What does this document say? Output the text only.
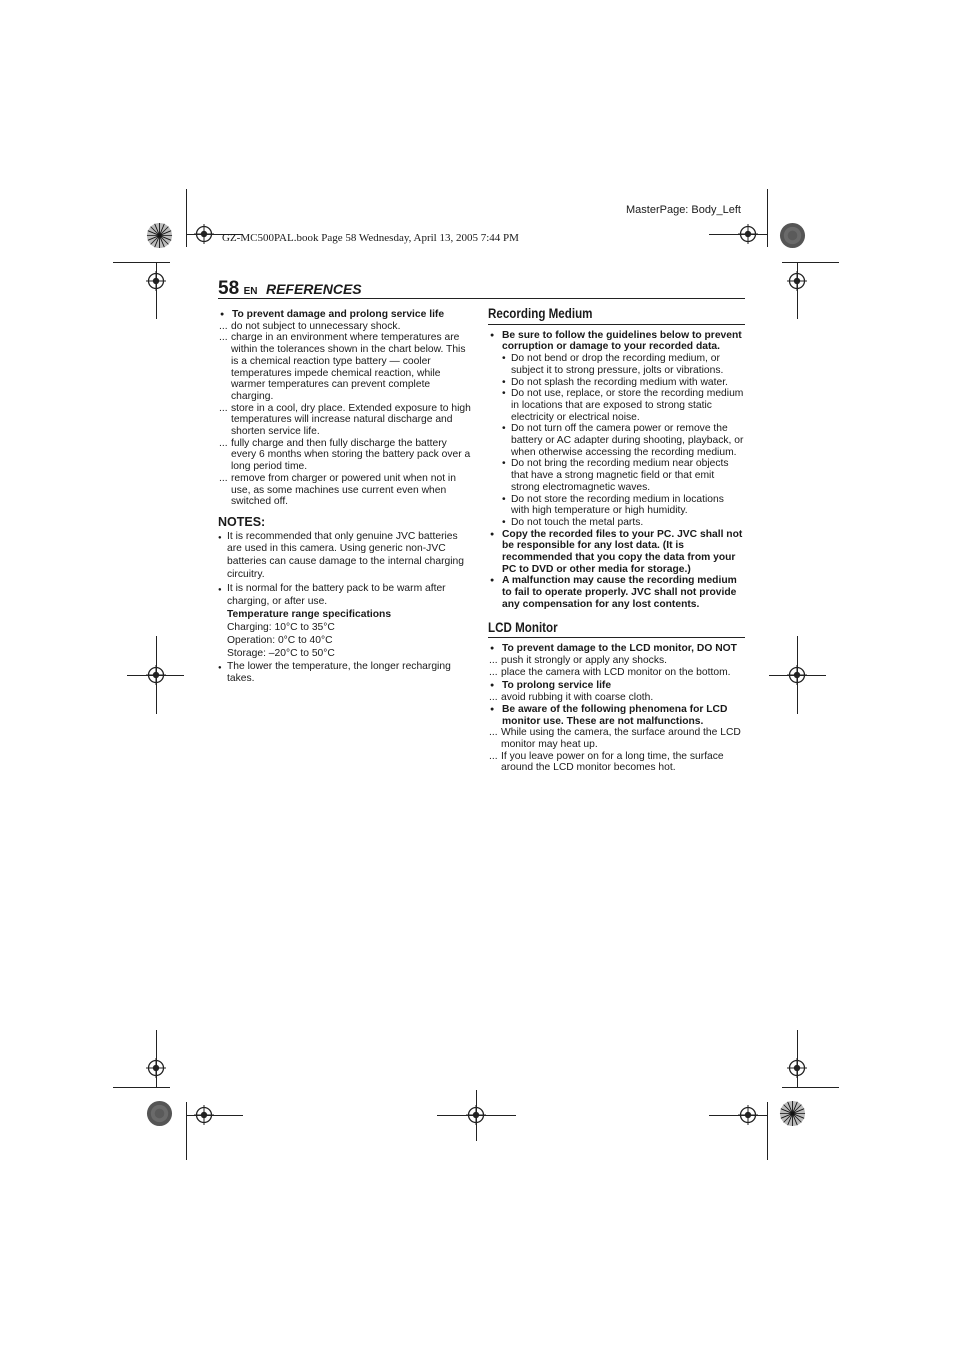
MasterPage: Body_Left
GZ-MC500PAL.book Page 58 Wednesday, April 13, 2005 7:44 PM
58 EN REFERENCES
● To prevent damage and prolong service life
... do not subject to unnecessary shock.
... charge in an environment where temperatures are within the tolerances shown in the chart below. This is a chemical reaction type battery — cooler temperatures impede chemical reaction, while warmer temperatures can prevent complete charging.
... store in a cool, dry place. Extended exposure to high temperatures will increase natural discharge and shorten service life.
... fully charge and then fully discharge the battery every 6 months when storing the battery pack over a long period time.
... remove from charger or powered unit when not in use, as some machines use current even when switched off.
NOTES:
● It is recommended that only genuine JVC batteries are used in this camera. Using generic non-JVC batteries can cause damage to the internal charging circuitry.
● It is normal for the battery pack to be warm after charging, or after use.
Temperature range specifications
Charging: 10°C to 35°C
Operation: 0°C to 40°C
Storage: –20°C to 50°C
● The lower the temperature, the longer recharging takes.
Recording Medium
● Be sure to follow the guidelines below to prevent corruption or damage to your recorded data.
• Do not bend or drop the recording medium, or subject it to strong pressure, jolts or vibrations.
• Do not splash the recording medium with water.
• Do not use, replace, or store the recording medium in locations that are exposed to strong static electricity or electrical noise.
• Do not turn off the camera power or remove the battery or AC adapter during shooting, playback, or when otherwise accessing the recording medium.
• Do not bring the recording medium near objects that have a strong magnetic field or that emit strong electromagnetic waves.
• Do not store the recording medium in locations with high temperature or high humidity.
• Do not touch the metal parts.
● Copy the recorded files to your PC. JVC shall not be responsible for any lost data. (It is recommended that you copy the data from your PC to DVD or other media for storage.)
● A malfunction may cause the recording medium to fail to operate properly. JVC shall not provide any compensation for any lost contents.
LCD Monitor
● To prevent damage to the LCD monitor, DO NOT
... push it strongly or apply any shocks.
... place the camera with LCD monitor on the bottom.
● To prolong service life
... avoid rubbing it with coarse cloth.
● Be aware of the following phenomena for LCD monitor use. These are not malfunctions.
... While using the camera, the surface around the LCD monitor may heat up.
... If you leave power on for a long time, the surface around the LCD monitor becomes hot.
